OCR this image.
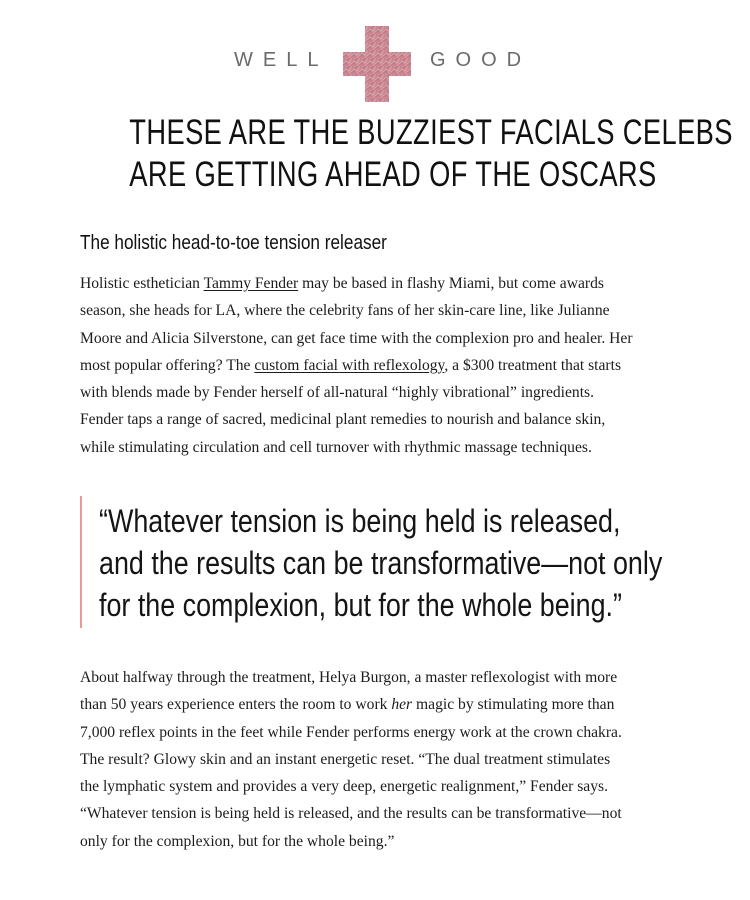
WELL	GOOD
THESE ARE THE BUZZIEST FACIALS CELEBS
ARE GETTING AHEAD OF THE OSCARS
The holistic head-to-toe tension releaser

Holistic esthetician Tammy Fender may be based in flashy Miami, but come awards
season, she heads for LA, where the celebrity fans of her skin-care line, like Julianne
Moore and Alicia Silverstone, can get face time with the complexion pro and healer. Her
most popular offering? The custom facial with reflexology, a $300 treatment that starts
with blends made by Fender herself of all-natural “highly vibrational” ingredients.
Fender taps a range of sacred, medicinal plant remedies to nourish and balance skin,
while stimulating circulation and cell turnover with rhythmic massage techniques.

“Whatever tension is being held is released,
and the results can be transformative—not only
for the complexion, but for the whole being.”

About halfway through the treatment, Helya Burgon, a master reflexologist with more
than 50 years experience enters the room to work her magic by stimulating more than
7,000 reflex points in the feet while Fender performs energy work at the crown chakra.
The result? Glowy skin and an instant energetic reset. “The dual treatment stimulates
the lymphatic system and provides a very deep, energetic realignment,” Fender says.
“Whatever tension is being held is released, and the results can be transformative—not
only for the complexion, but for the whole being.”
